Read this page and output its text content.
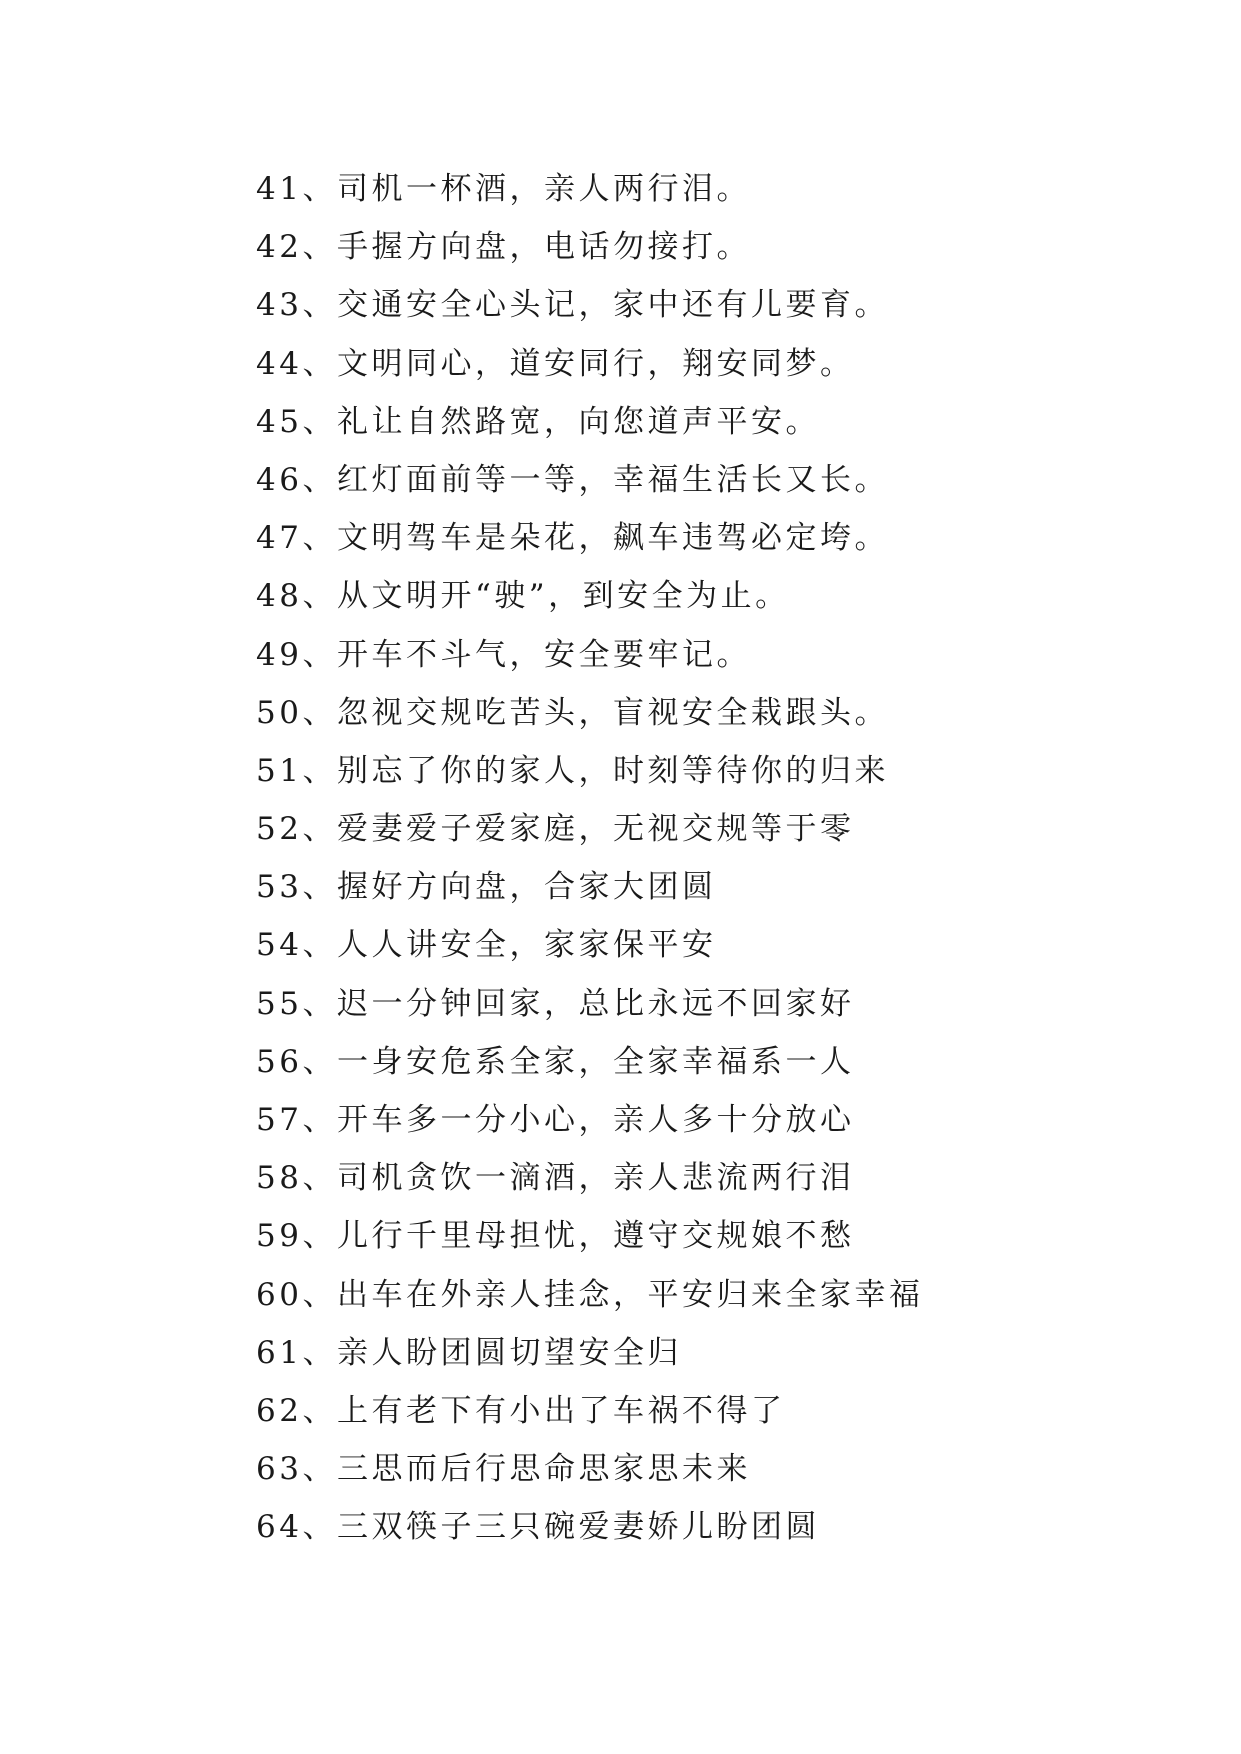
41、司机一杯酒，亲人两行泪。
42、手握方向盘，电话勿接打。
43、交通安全心头记，家中还有儿要育。
44、文明同心，道安同行，翔安同梦。
45、礼让自然路宽，向您道声平安。
46、红灯面前等一等，幸福生活长又长。
47、文明驾车是朵花，飙车违驾必定垮。
48、从文明开“驶”，到安全为止。
49、开车不斗气，安全要牢记。
50、忽视交规吃苦头，盲视安全栽跟头。
51、别忘了你的家人，时刻等待你的归来
52、爱妻爱子爱家庭，无视交规等于零
53、握好方向盘，合家大团圆
54、人人讲安全，家家保平安
55、迟一分钟回家，总比永远不回家好
56、一身安危系全家，全家幸福系一人
57、开车多一分小心，亲人多十分放心
58、司机贪饮一滴酒，亲人悲流两行泪
59、儿行千里母担忧，遵守交规娘不愁
60、出车在外亲人挂念，平安归来全家幸福
61、亲人盼团圆切望安全归
62、上有老下有小出了车祸不得了
63、三思而后行思命思家思未来
64、三双筷子三只碗爱妻娇儿盼团圆
